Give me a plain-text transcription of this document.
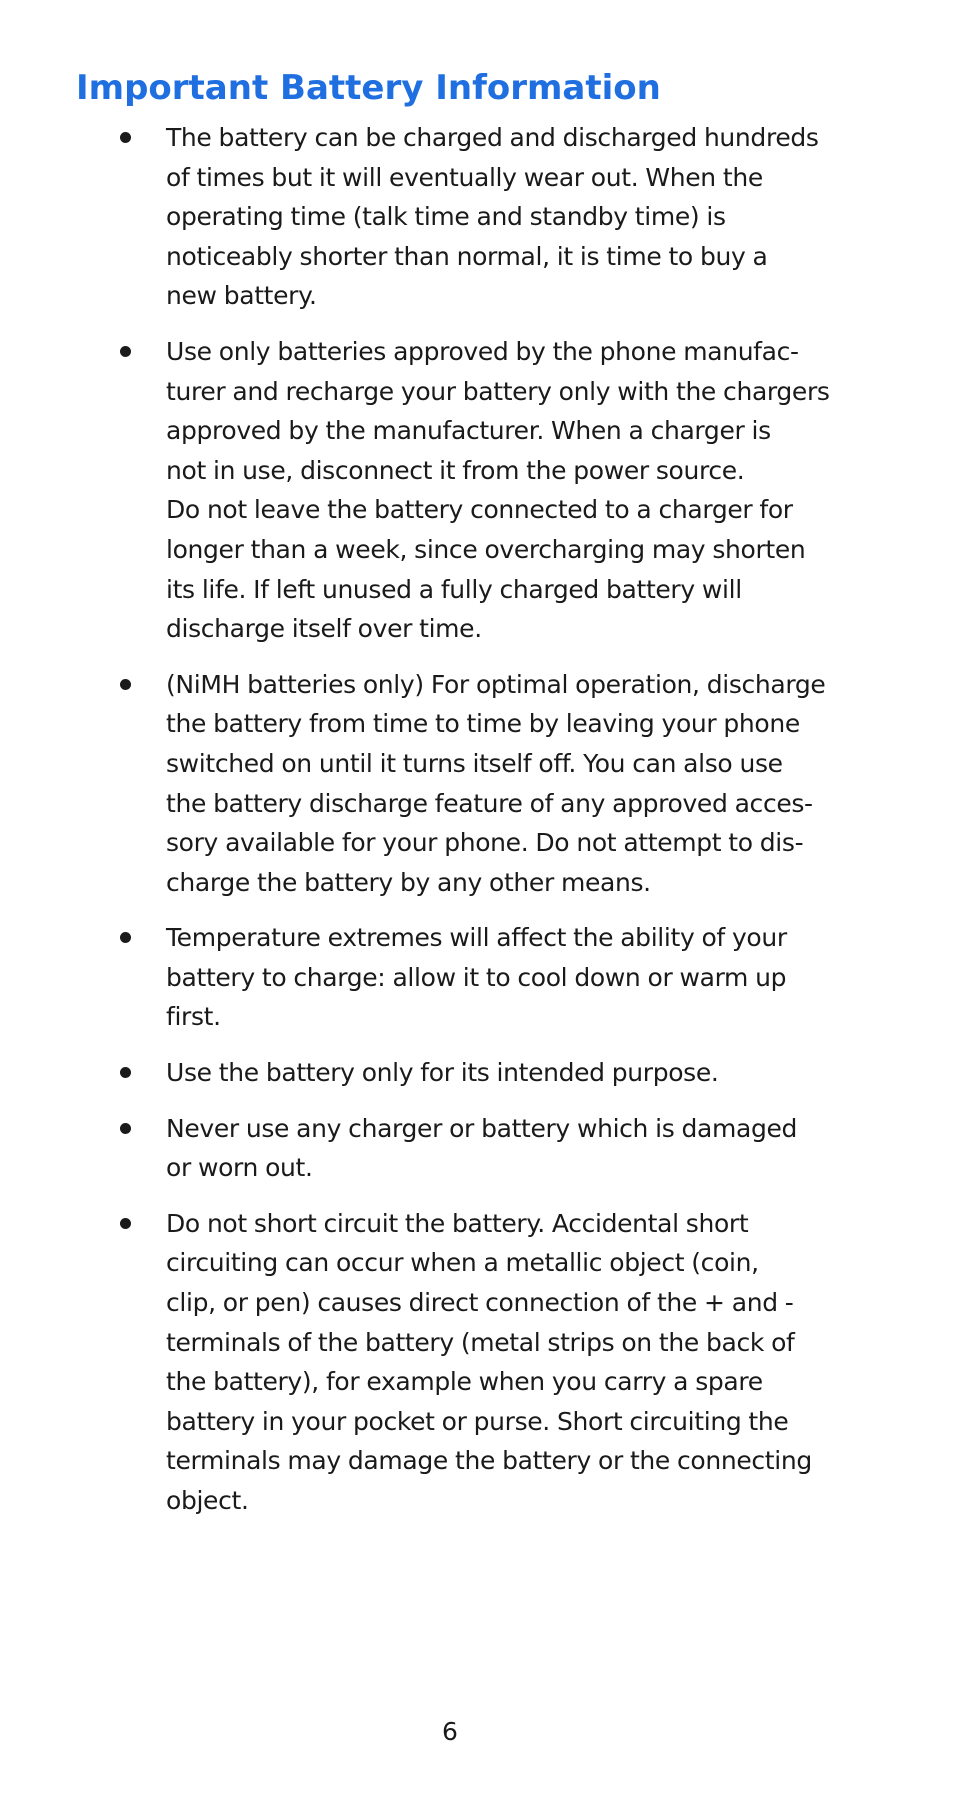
Important Battery Information
The battery can be charged and discharged hundreds
of times but it will eventually wear out. When the
operating time (talk time and standby time) is
noticeably shorter than normal, it is time to buy a
new battery.
Use only batteries approved by the phone manufac-
turer and recharge your battery only with the chargers
approved by the manufacturer. When a charger is
not in use, disconnect it from the power source.
Do not leave the battery connected to a charger for
longer than a week, since overcharging may shorten
its life. If left unused a fully charged battery will
discharge itself over time.
(NiMH batteries only) For optimal operation, discharge
the battery from time to time by leaving your phone
switched on until it turns itself off. You can also use
the battery discharge feature of any approved acces-
sory available for your phone. Do not attempt to dis-
charge the battery by any other means.
Temperature extremes will affect the ability of your
battery to charge: allow it to cool down or warm up
first.
Use the battery only for its intended purpose.
Never use any charger or battery which is damaged
or worn out.
Do not short circuit the battery. Accidental short
circuiting can occur when a metallic object (coin,
clip, or pen) causes direct connection of the + and -
terminals of the battery (metal strips on the back of
the battery), for example when you carry a spare
battery in your pocket or purse. Short circuiting the
terminals may damage the battery or the connecting
object.
6
